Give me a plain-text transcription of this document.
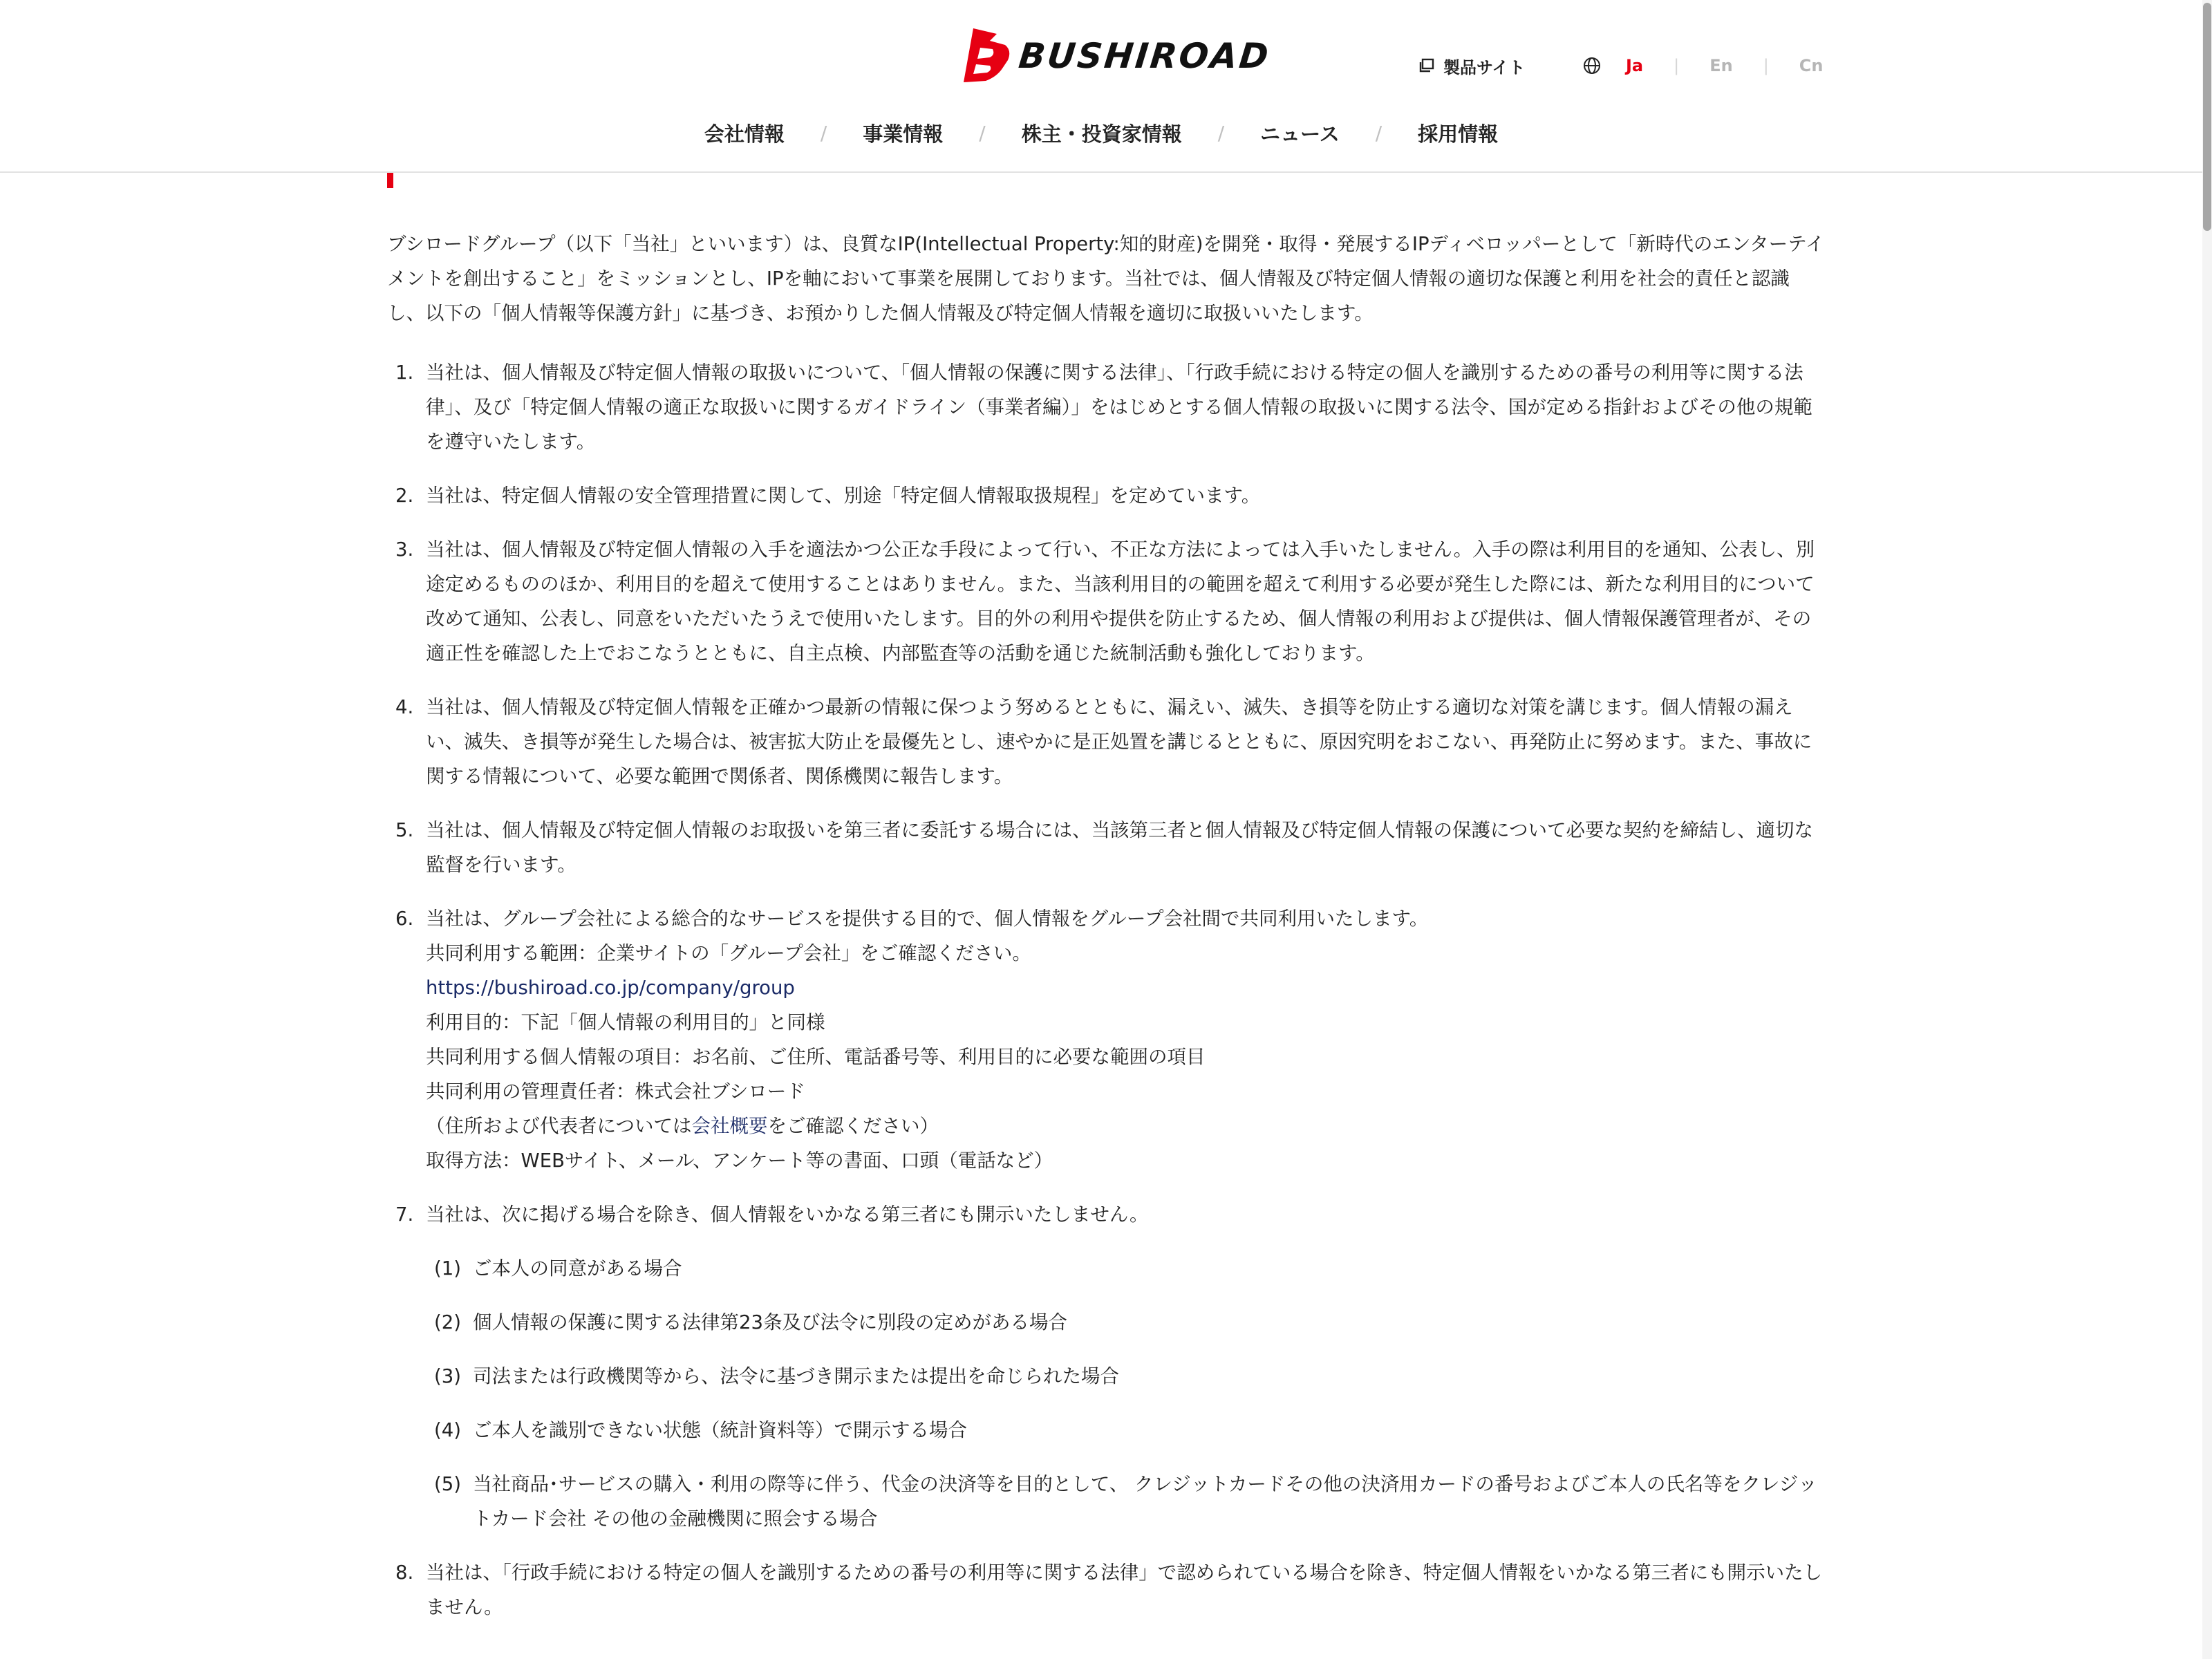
BUSHIROAD	製品サイト	Ja | En | Cn
会社情報	/	事業情報	/	株主・投資家情報	/	ニュース	/	採用情報

ブシロードグループ（以下「当社」といいます）は、良質なIP(Intellectual Property:知的財産)を開発・取得・発展するIPディベロッパーとして「新時代のエンターテイメントを創出すること」をミッションとし、IPを軸において事業を展開しております。当社では、個人情報及び特定個人情報の適切な保護と利用を社会的責任と認識し、以下の「個人情報等保護方針」に基づき、お預かりした個人情報及び特定個人情報を適切に取扱いいたします。

1. 当社は、個人情報及び特定個人情報の取扱いについて、「個人情報の保護に関する法律」、「行政手続における特定の個人を識別するための番号の利用等に関する法律」、及び「特定個人情報の適正な取扱いに関するガイドライン（事業者編）」をはじめとする個人情報の取扱いに関する法令、国が定める指針およびその他の規範を遵守いたします。
2. 当社は、特定個人情報の安全管理措置に関して、別途「特定個人情報取扱規程」を定めています。
3. 当社は、個人情報及び特定個人情報の入手を適法かつ公正な手段によって行い、不正な方法によっては入手いたしません。入手の際は利用目的を通知、公表し、別途定めるもののほか、利用目的を超えて使用することはありません。また、当該利用目的の範囲を超えて利用する必要が発生した際には、新たな利用目的について改めて通知、公表し、同意をいただいたうえで使用いたします。目的外の利用や提供を防止するため、個人情報の利用および提供は、個人情報保護管理者が、その適正性を確認した上でおこなうとともに、自主点検、内部監査等の活動を通じた統制活動も強化しております。
4. 当社は、個人情報及び特定個人情報を正確かつ最新の情報に保つよう努めるとともに、漏えい、滅失、き損等を防止する適切な対策を講じます。個人情報の漏えい、滅失、き損等が発生した場合は、被害拡大防止を最優先とし、速やかに是正処置を講じるとともに、原因究明をおこない、再発防止に努めます。また、事故に関する情報について、必要な範囲で関係者、関係機関に報告します。
5. 当社は、個人情報及び特定個人情報のお取扱いを第三者に委託する場合には、当該第三者と個人情報及び特定個人情報の保護について必要な契約を締結し、適切な監督を行います。
6. 当社は、グループ会社による総合的なサービスを提供する目的で、個人情報をグループ会社間で共同利用いたします。
共同利用する範囲：企業サイトの「グループ会社」をご確認ください。
https://bushiroad.co.jp/company/group
利用目的：下記「個人情報の利用目的」と同様
共同利用する個人情報の項目：お名前、ご住所、電話番号等、利用目的に必要な範囲の項目
共同利用の管理責任者：株式会社ブシロード
（住所および代表者については会社概要をご確認ください）
取得方法：WEBサイト、メール、アンケート等の書面、口頭（電話など）
7. 当社は、次に掲げる場合を除き、個人情報をいかなる第三者にも開示いたしません。
(1) ご本人の同意がある場合
(2) 個人情報の保護に関する法律第23条及び法令に別段の定めがある場合
(3) 司法または行政機関等から、法令に基づき開示または提出を命じられた場合
(4) ご本人を識別できない状態（統計資料等）で開示する場合
(5) 当社商品･サービスの購入・利用の際等に伴う、代金の決済等を目的として、 クレジットカードその他の決済用カードの番号およびご本人の氏名等をクレジットカード会社 その他の金融機関に照会する場合
8. 当社は、「行政手続における特定の個人を識別するための番号の利用等に関する法律」で認められている場合を除き、特定個人情報をいかなる第三者にも開示いたしません。
